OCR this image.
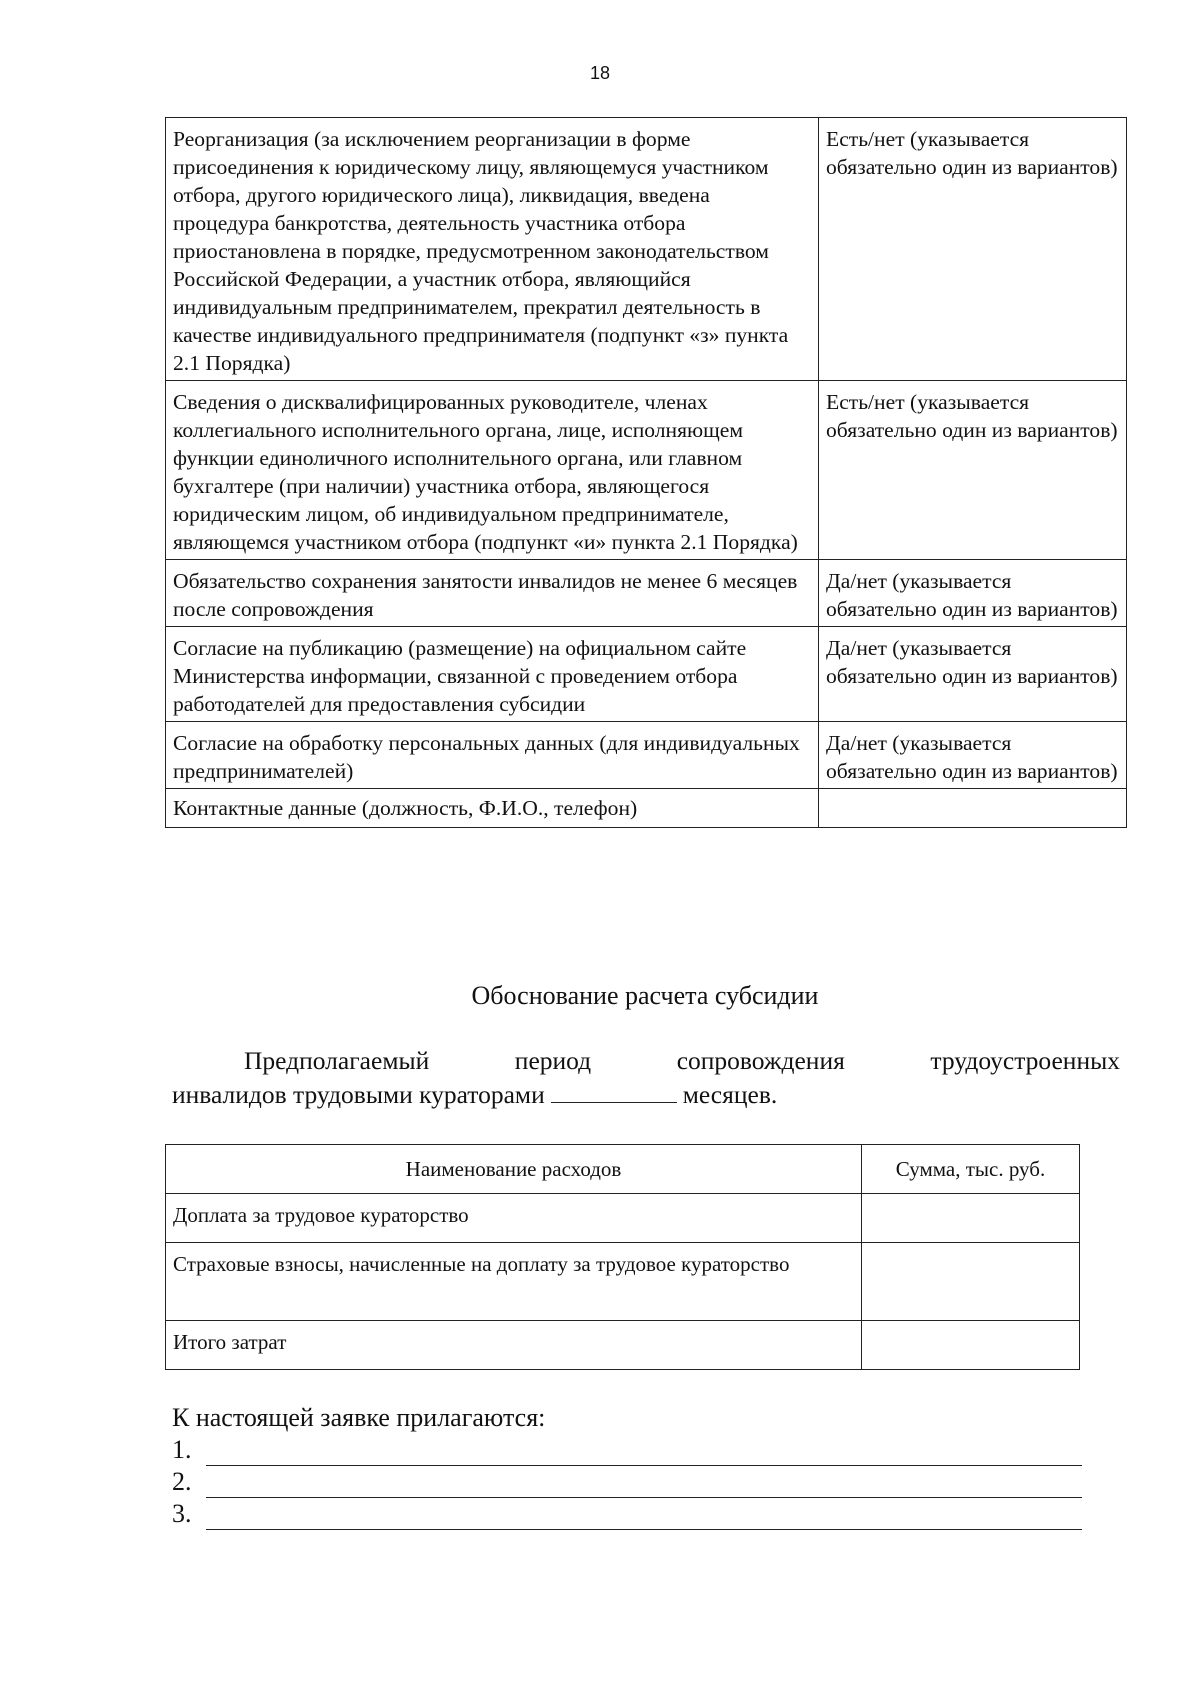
18
Реорганизация (за исключением реорганизации в форме присоединения к юридическому лицу, являющемуся участником отбора, другого юридического лица), ликвидация, введена процедура банкротства, деятельность участника отбора приостановлена в порядке, предусмотренном законодательством Российской Федерации, а участник отбора, являющийся индивидуальным предпринимателем, прекратил деятельность в качестве индивидуального предпринимателя (подпункт «з» пункта 2.1 Порядка)	Есть/нет (указывается обязательно один из вариантов)
Сведения о дисквалифицированных руководителе, членах коллегиального исполнительного органа, лице, исполняющем функции единоличного исполнительного органа, или главном бухгалтере (при наличии) участника отбора, являющегося юридическим лицом, об индивидуальном предпринимателе, являющемся участником отбора (подпункт «и» пункта 2.1 Порядка)	Есть/нет (указывается обязательно один из вариантов)
Обязательство сохранения занятости инвалидов не менее 6 месяцев после сопровождения	Да/нет (указывается обязательно один из вариантов)
Согласие на публикацию (размещение) на официальном сайте Министерства информации, связанной с проведением отбора работодателей для предоставления субсидии	Да/нет (указывается обязательно один из вариантов)
Согласие на обработку персональных данных (для индивидуальных предпринимателей)	Да/нет (указывается обязательно один из вариантов)
Контактные данные (должность, Ф.И.О., телефон)	
Обоснование расчета субсидии
Предполагаемый	период	сопровождения	трудоустроенных
инвалидов трудовыми кураторами	месяцев.
Наименование расходов	Сумма, тыс. руб.
Доплата за трудовое кураторство	
Страховые взносы, начисленные на доплату за трудовое кураторство	
Итого затрат	
К настоящей заявке прилагаются:
1.
2.
3.
